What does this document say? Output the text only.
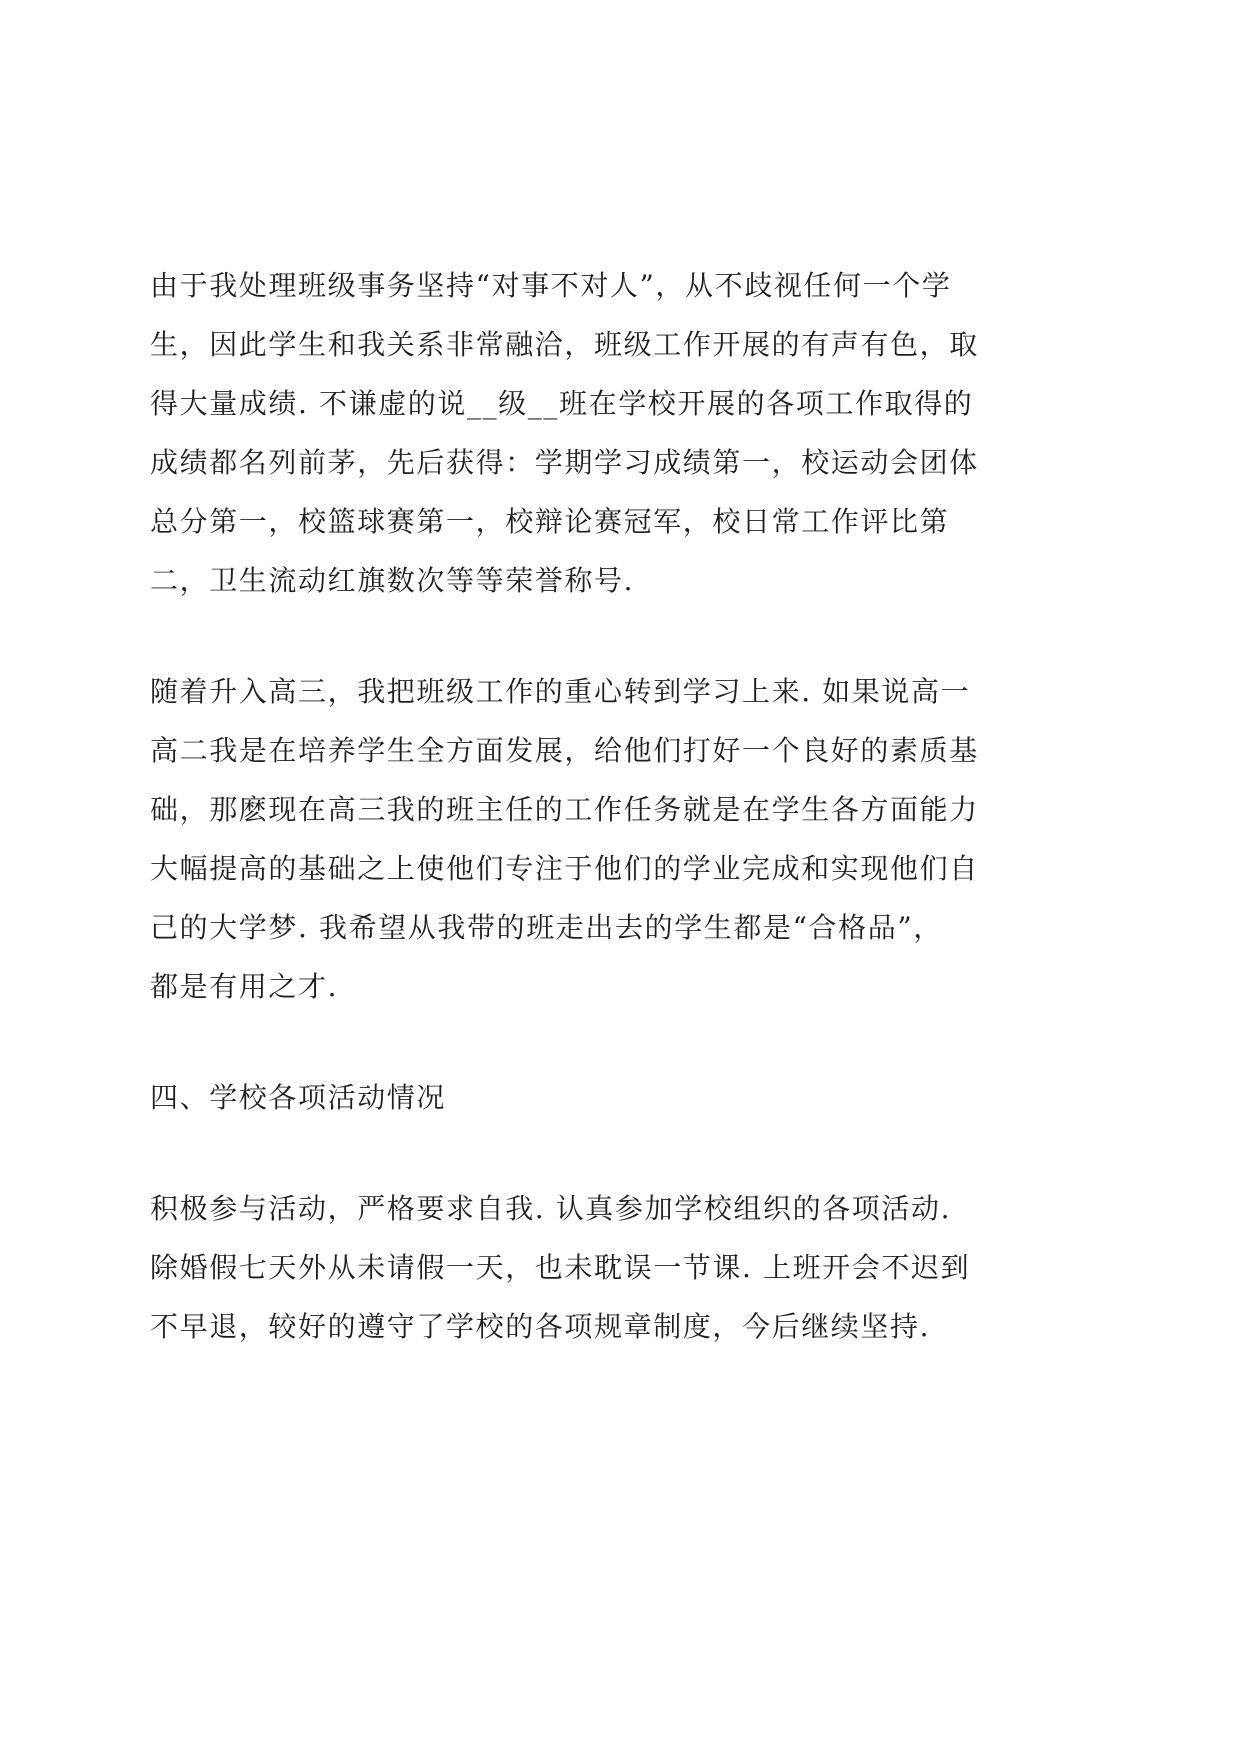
由于我处理班级事务坚持“对事不对人”，从不歧视任何一个学
生，因此学生和我关系非常融洽，班级工作开展的有声有色，取
得大量成绩. 不谦虚的说__级__班在学校开展的各项工作取得的
成绩都名列前茅，先后获得：学期学习成绩第一，校运动会团体
总分第一，校篮球赛第一，校辩论赛冠军，校日常工作评比第
二，卫生流动红旗数次等等荣誉称号.
随着升入高三，我把班级工作的重心转到学习上来. 如果说高一
高二我是在培养学生全方面发展，给他们打好一个良好的素质基
础，那麽现在高三我的班主任的工作任务就是在学生各方面能力
大幅提高的基础之上使他们专注于他们的学业完成和实现他们自
己的大学梦. 我希望从我带的班走出去的学生都是“合格品”，
都是有用之才.
四、学校各项活动情况
积极参与活动，严格要求自我. 认真参加学校组织的各项活动.
除婚假七天外从未请假一天，也未耽误一节课. 上班开会不迟到
不早退，较好的遵守了学校的各项规章制度，今后继续坚持.
